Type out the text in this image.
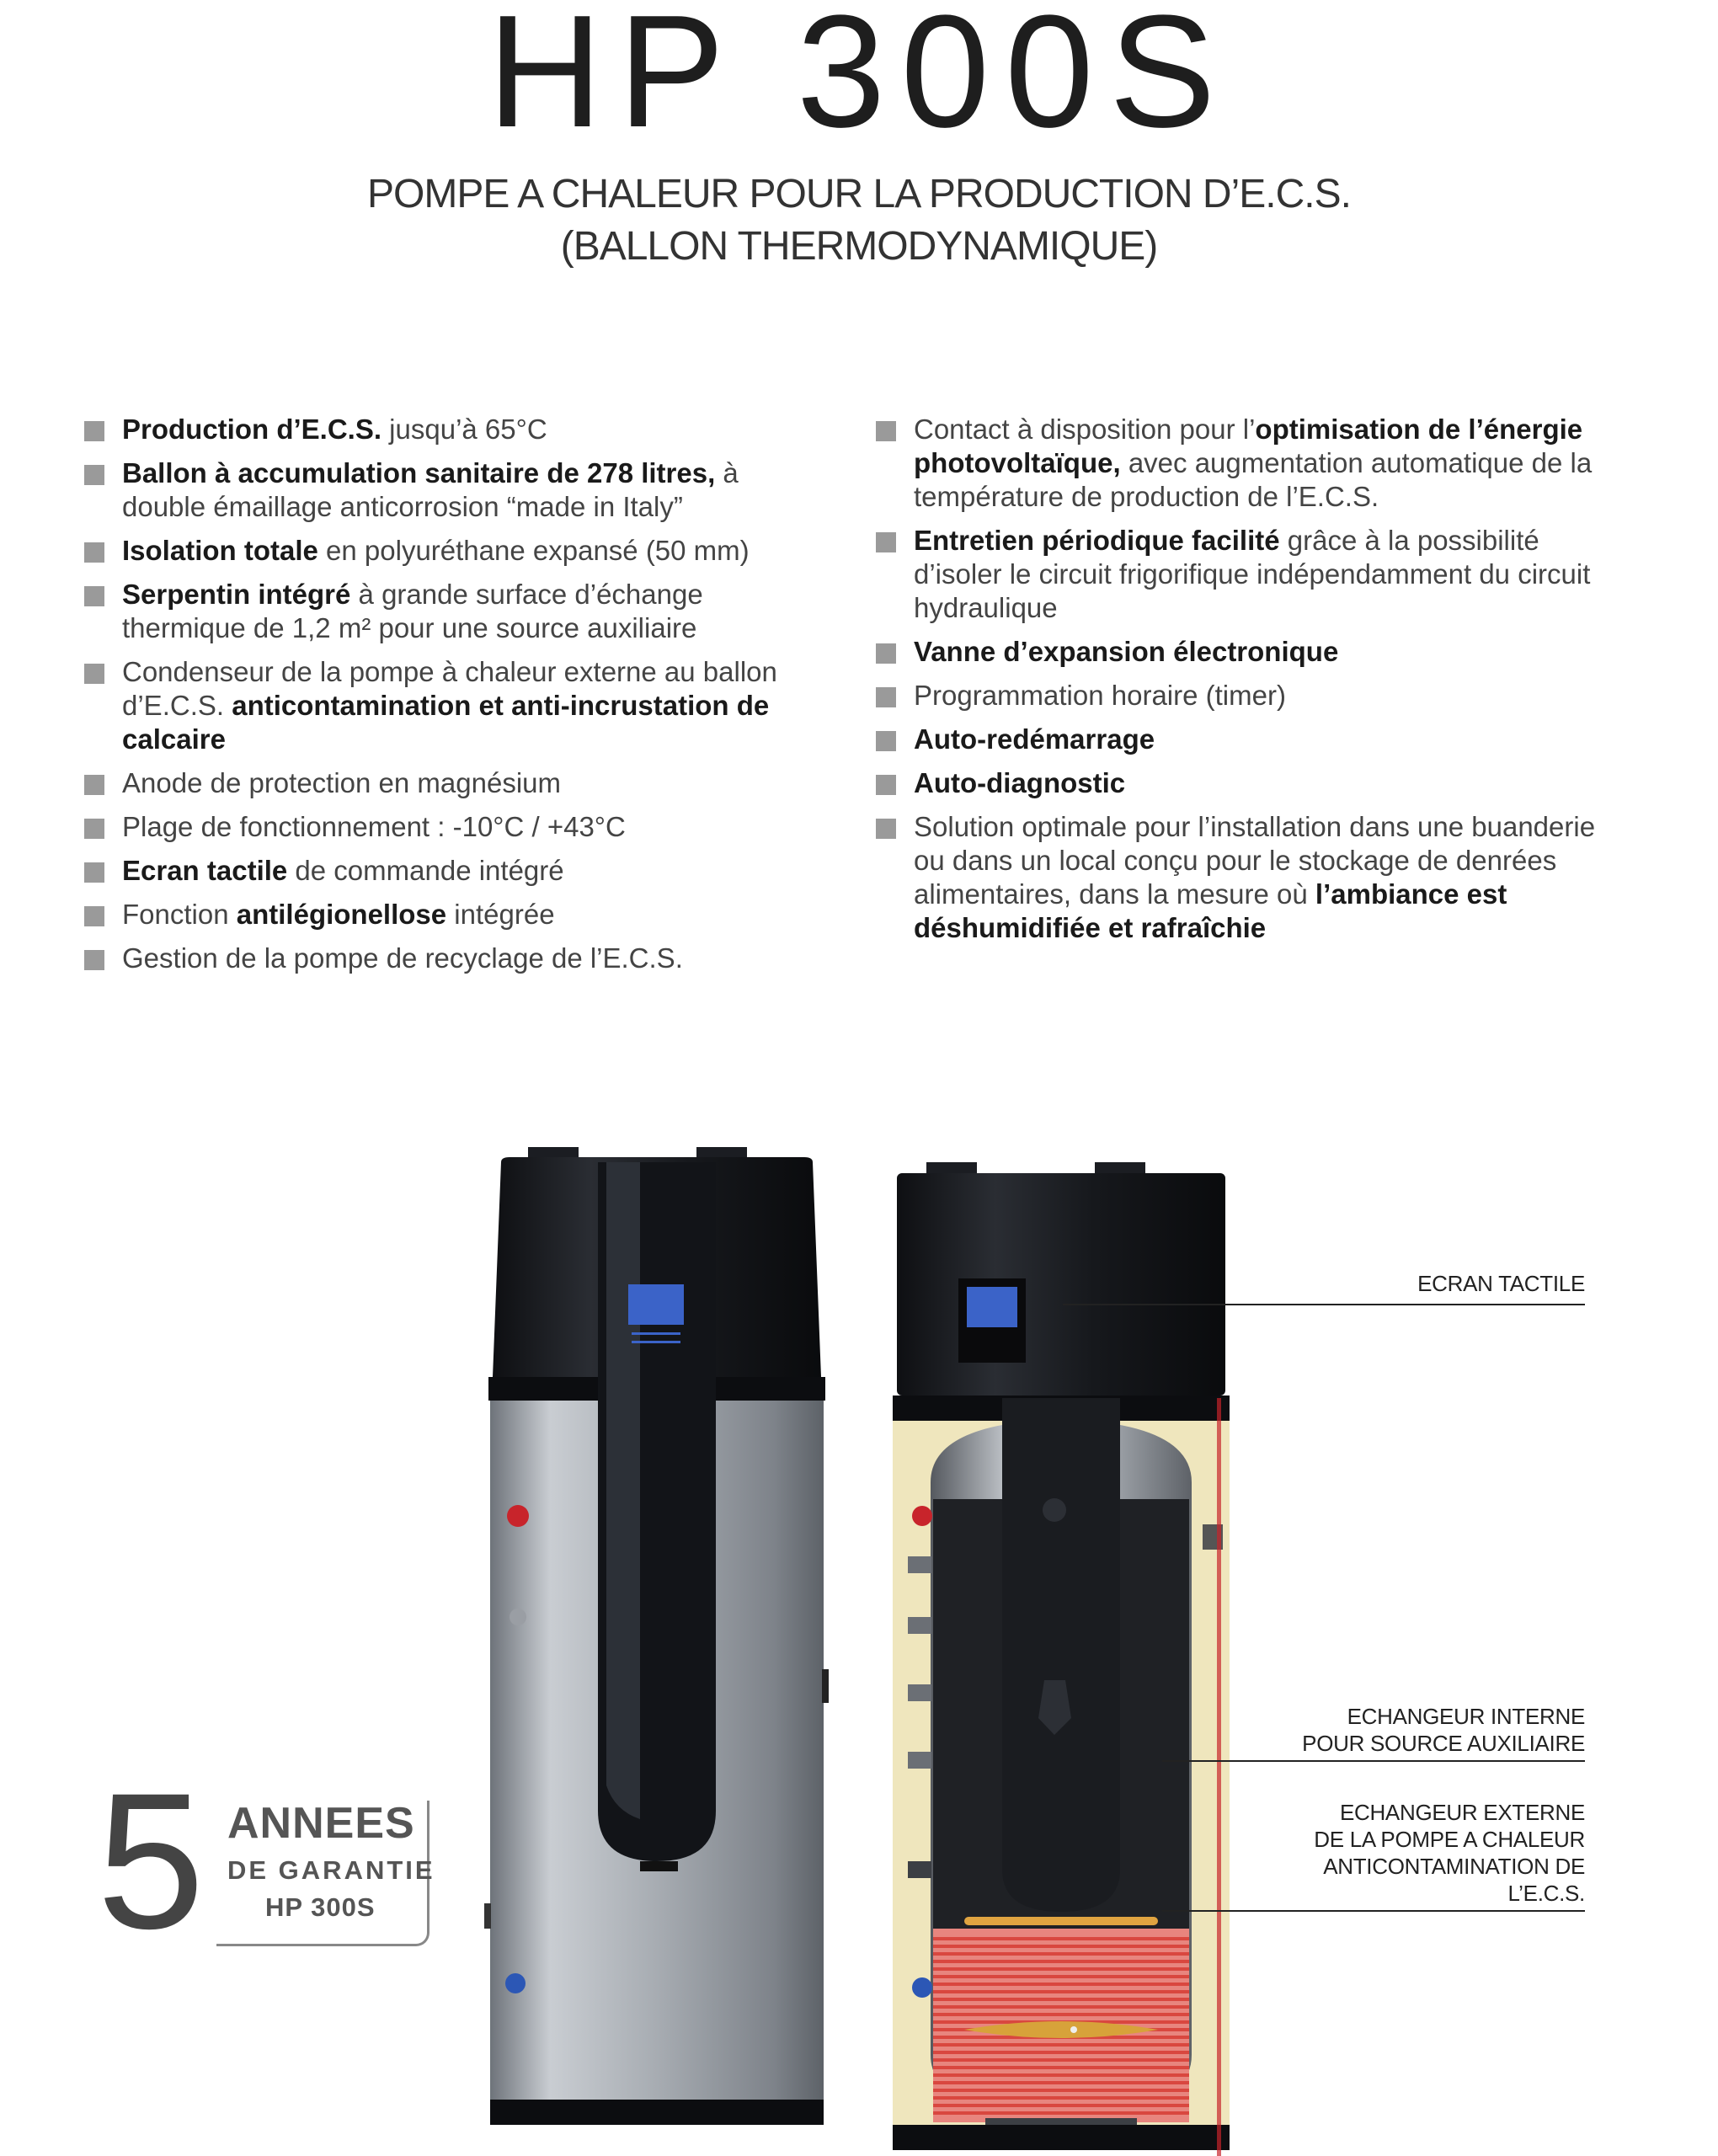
HP 300S
POMPE A CHALEUR POUR LA PRODUCTION D’E.C.S.
(BALLON THERMODYNAMIQUE)
Production d’E.C.S. jusqu’à 65°C
Ballon à accumulation sanitaire de 278 litres, à double émaillage anticorrosion “made in Italy”
Isolation totale en polyuréthane expansé (50 mm)
Serpentin intégré à grande surface d’échange thermique de 1,2 m² pour une source auxiliaire
Condenseur de la pompe à chaleur externe au ballon d’E.C.S. anticontamination et anti-incrustation de calcaire
Anode de protection en magnésium
Plage de fonctionnement : -10°C / +43°C
Ecran tactile de commande intégré
Fonction antilégionellose intégrée
Gestion de la pompe de recyclage de l’E.C.S.
Contact à disposition pour l’optimisation de l’énergie photovoltaïque, avec augmentation automatique de la température de production de l’E.C.S.
Entretien périodique facilité grâce à la possibilité d’isoler le circuit frigorifique indépendamment du circuit hydraulique
Vanne d’expansion électronique
Programmation horaire (timer)
Auto-redémarrage
Auto-diagnostic
Solution optimale pour l’installation dans une buanderie ou dans un local conçu pour le stockage de denrées alimentaires, dans la mesure où l’ambiance est déshumidifiée et rafraîchie
ECRAN TACTILE
ECHANGEUR INTERNE
POUR SOURCE AUXILIAIRE
ECHANGEUR EXTERNE
DE LA POMPE A CHALEUR
ANTICONTAMINATION DE
L’E.C.S.
5 ANNEES
DE GARANTIE
HP 300S
